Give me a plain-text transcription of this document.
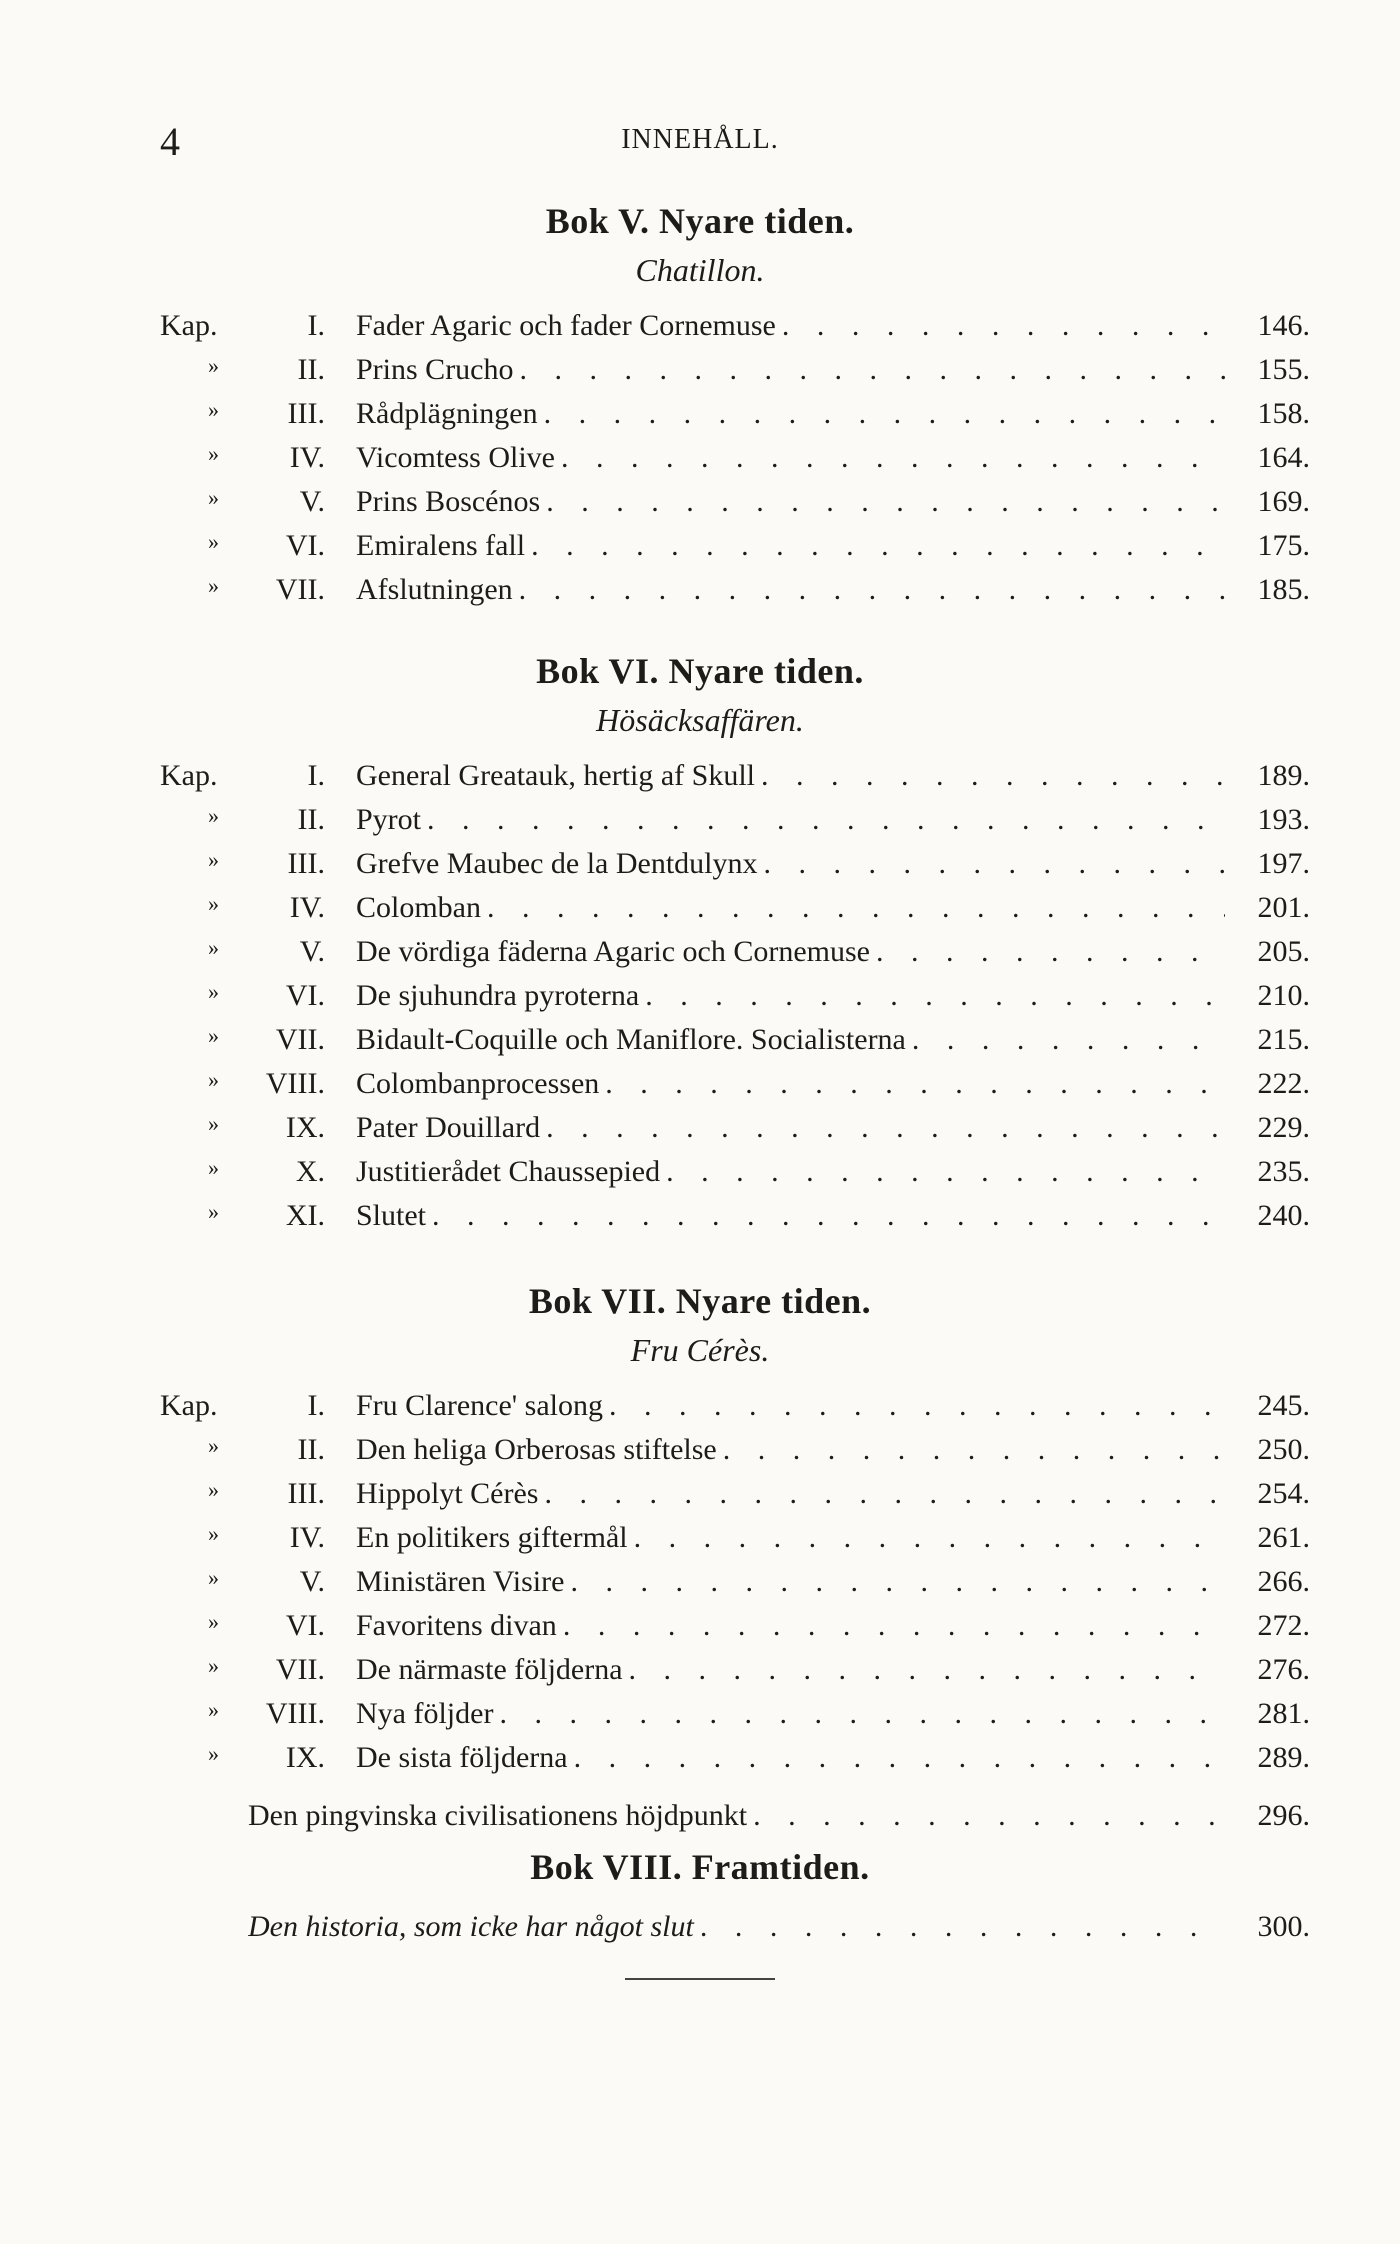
4	INNEHÅLL.
Bok V. Nyare tiden.
Chatillon.
Kap.	I. Fader Agaric och fader Cornemuse . . .	146.
»	II. Prins Crucho . . .	155.
»	III. Rådplägningen . . .	158.
»	IV. Vicomtess Olive . . .	164.
»	V. Prins Boscénos . . .	169.
»	VI. Emiralens fall . . .	175.
»	VII. Afslutningen . . .	185.
Bok VI. Nyare tiden.
Hösäcksaffären.
Kap.	I. General Greatauk, hertig af Skull . . .	189.
»	II. Pyrot . . .	193.
»	III. Grefve Maubec de la Dentdulynx . . .	197.
»	IV. Colomban . . .	201.
»	V. De vördiga fäderna Agaric och Cornemuse . . .	205.
»	VI. De sjuhundra pyroterna . . .	210.
»	VII. Bidault-Coquille och Maniflore. Socialisterna . . .	215.
»	VIII. Colombanprocessen . . .	222.
»	IX. Pater Douillard . . .	229.
»	X. Justitierådet Chaussepied . . .	235.
»	XI. Slutet . . .	240.
Bok VII. Nyare tiden.
Fru Cérès.
Kap.	I. Fru Clarence' salong . . .	245.
»	II. Den heliga Orberosas stiftelse . . .	250.
»	III. Hippolyt Cérès . . .	254.
»	IV. En politikers giftermål . . .	261.
»	V. Ministären Visire . . .	266.
»	VI. Favoritens divan . . .	272.
»	VII. De närmaste följderna . . .	276.
»	VIII. Nya följder . . .	281.
»	IX. De sista följderna . . .	289.
Den pingvinska civilisationens höjdpunkt . . .	296.
Bok VIII. Framtiden.
Den historia, som icke har något slut . . .	300.
